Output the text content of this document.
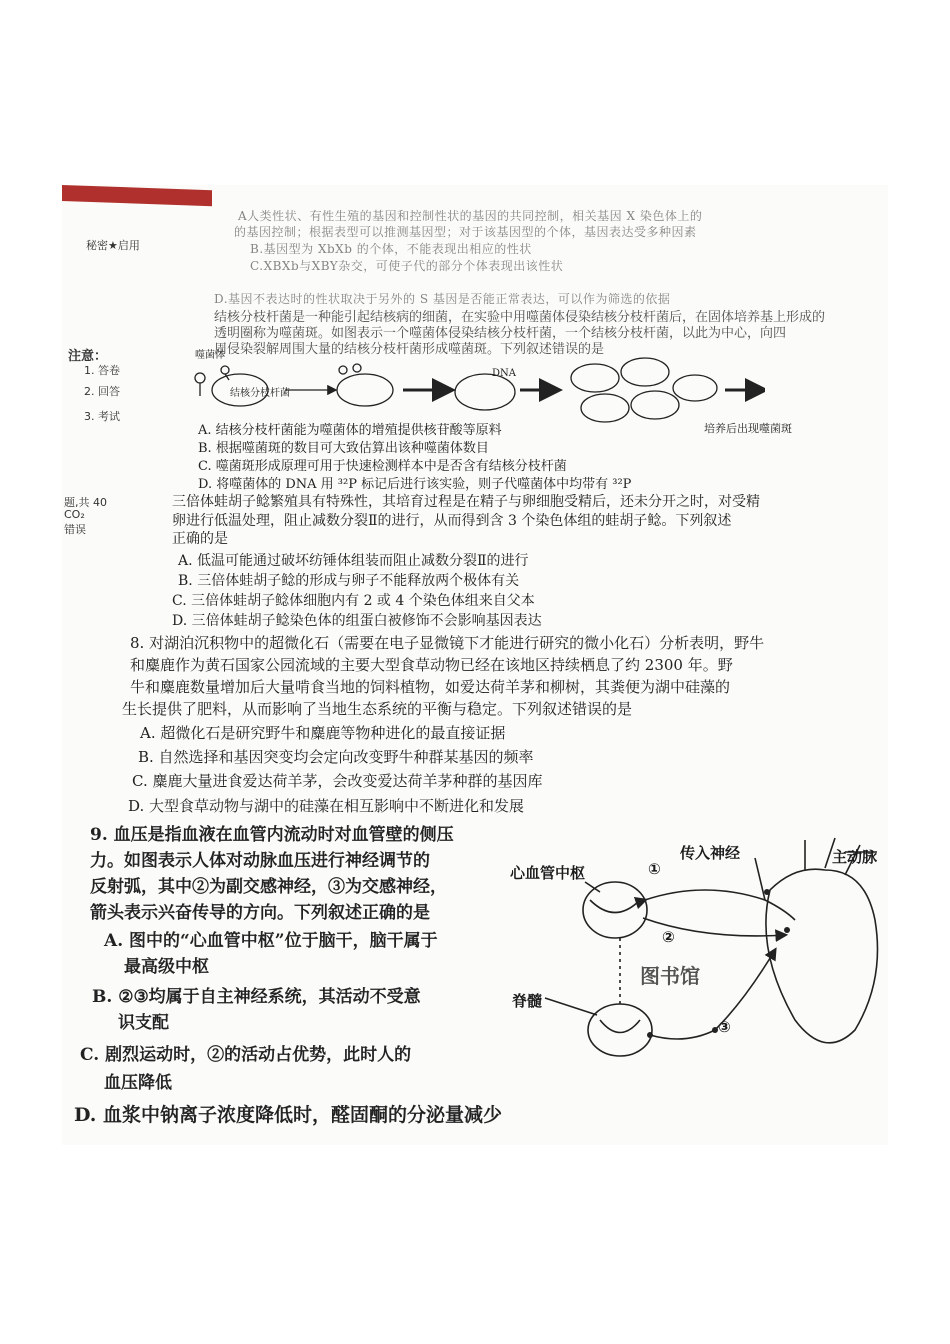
秘密★启用
注意：
1. 答卷
2. 回答
3. 考试
题,共 40
CO₂
错误
A人类性状、有性生殖的基因和控制性状的基因的共同控制，相关基因 X 染色体上的
的基因控制；根据表型可以推测基因型；对于该基因型的个体，基因表达受多种因素
B.基因型为 XbXb 的个体，不能表现出相应的性状
C.XBXb与XBY杂交，可使子代的部分个体表现出该性状
D.基因不表达时的性状取决于另外的 S 基因是否能正常表达，可以作为筛选的依据
结核分枝杆菌是一种能引起结核病的细菌，在实验中用噬菌体侵染结核分枝杆菌后，在固体培养基上形成的
透明圈称为噬菌斑。如图表示一个噬菌体侵染结核分枝杆菌，一个结核分枝杆菌，以此为中心，向四
周侵染裂解周围大量的结核分枝杆菌形成噬菌斑。下列叙述错误的是
噬菌体
结核分枝杆菌
DNA
培养后出现噬菌斑
A. 结核分枝杆菌能为噬菌体的增殖提供核苷酸等原料
B. 根据噬菌斑的数目可大致估算出该种噬菌体数目
C. 噬菌斑形成原理可用于快速检测样本中是否含有结核分枝杆菌
D. 将噬菌体的 DNA 用 ³²P 标记后进行该实验，则子代噬菌体中均带有 ³²P
三倍体蛙胡子鲶繁殖具有特殊性，其培育过程是在精子与卵细胞受精后，还未分开之时，对受精
卵进行低温处理，阻止减数分裂Ⅱ的进行，从而得到含 3 个染色体组的蛙胡子鲶。下列叙述
正确的是
A. 低温可能通过破坏纺锤体组装而阻止减数分裂Ⅱ的进行
B. 三倍体蛙胡子鲶的形成与卵子不能释放两个极体有关
C. 三倍体蛙胡子鲶体细胞内有 2 或 4 个染色体组来自父本
D. 三倍体蛙胡子鲶染色体的组蛋白被修饰不会影响基因表达
8. 对湖泊沉积物中的超微化石（需要在电子显微镜下才能进行研究的微小化石）分析表明，野牛
和麋鹿作为黄石国家公园流域的主要大型食草动物已经在该地区持续栖息了约 2300 年。野
牛和麋鹿数量增加后大量啃食当地的饲料植物，如爱达荷羊茅和柳树，其粪便为湖中硅藻的
生长提供了肥料，从而影响了当地生态系统的平衡与稳定。下列叙述错误的是
A. 超微化石是研究野牛和麋鹿等物种进化的最直接证据
B. 自然选择和基因突变均会定向改变野牛种群某基因的频率
C. 麋鹿大量进食爱达荷羊茅，会改变爱达荷羊茅种群的基因库
D. 大型食草动物与湖中的硅藻在相互影响中不断进化和发展
9. 血压是指血液在血管内流动时对血管壁的侧压
力。如图表示人体对动脉血压进行神经调节的
反射弧，其中②为副交感神经，③为交感神经，
箭头表示兴奋传导的方向。下列叙述正确的是
A. 图中的“心血管中枢”位于脑干，脑干属于
最高级中枢
B. ②③均属于自主神经系统，其活动不受意
识支配
C. 剧烈运动时，②的活动占优势，此时人的
血压降低
D. 血浆中钠离子浓度降低时，醛固酮的分泌量减少
心血管中枢
传入神经	主动脉
脊髓
①
②
③
图书馆
